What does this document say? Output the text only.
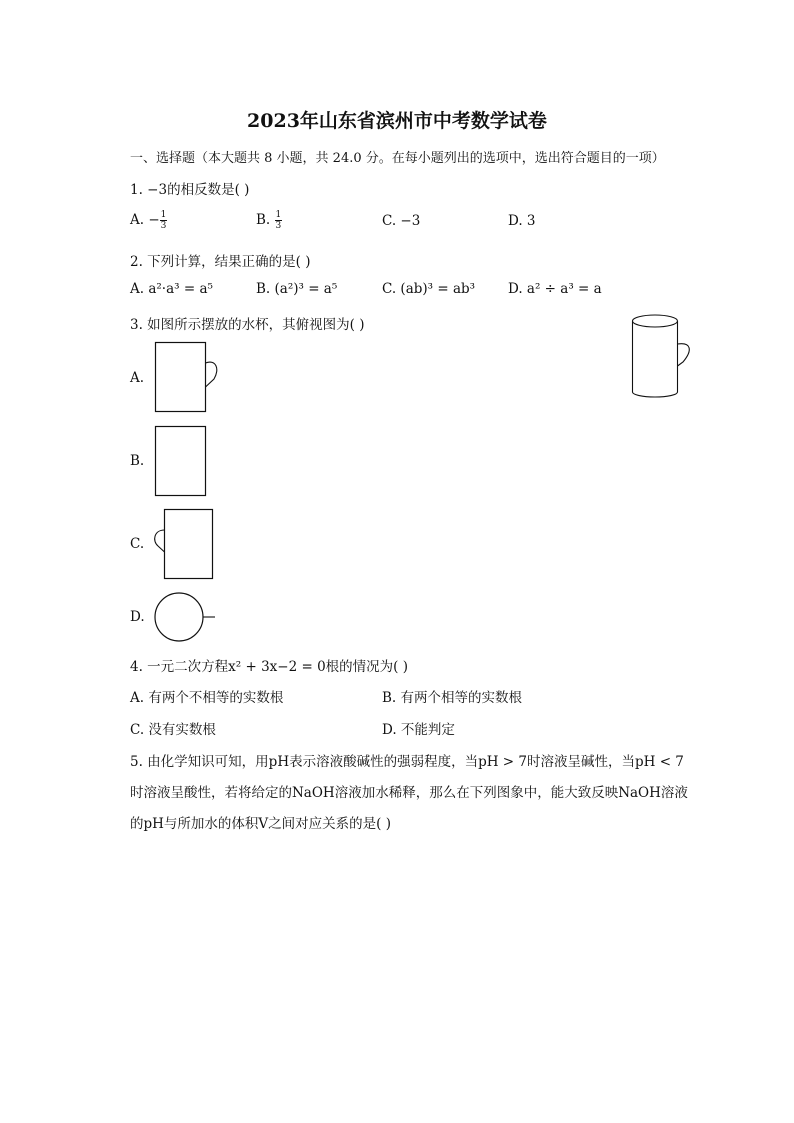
2023年山东省滨州市中考数学试卷
一、选择题（本大题共 8 小题，共 24.0 分。在每小题列出的选项中，选出符合题目的一项）
1. −3的相反数是( )
A. − $\frac{1}{3}$	B. $\frac{1}{3}$	C. −3	D. 3
2. 下列计算，结果正确的是( )
A. a²·a³ = a⁵	B. (a²)³ = a⁵	C. (ab)³ = ab³ D. a² ÷ a³ = a
3. 如图所示摆放的水杯，其俯视图为( )
A.
B.
C.
D.
4. 一元二次方程x² + 3x−2 = 0根的情况为( )
A. 有两个不相等的实数根	B. 有两个相等的实数根
C. 没有实数根	D. 不能判定
5. 由化学知识可知，用pH表示溶液酸碱性的强弱程度，当pH > 7时溶液呈碱性，当pH < 7
时溶液呈酸性，若将给定的NaOH溶液加水稀释，那么在下列图象中，能大致反映NaOH溶液
的pH与所加水的体积V之间对应关系的是( )
